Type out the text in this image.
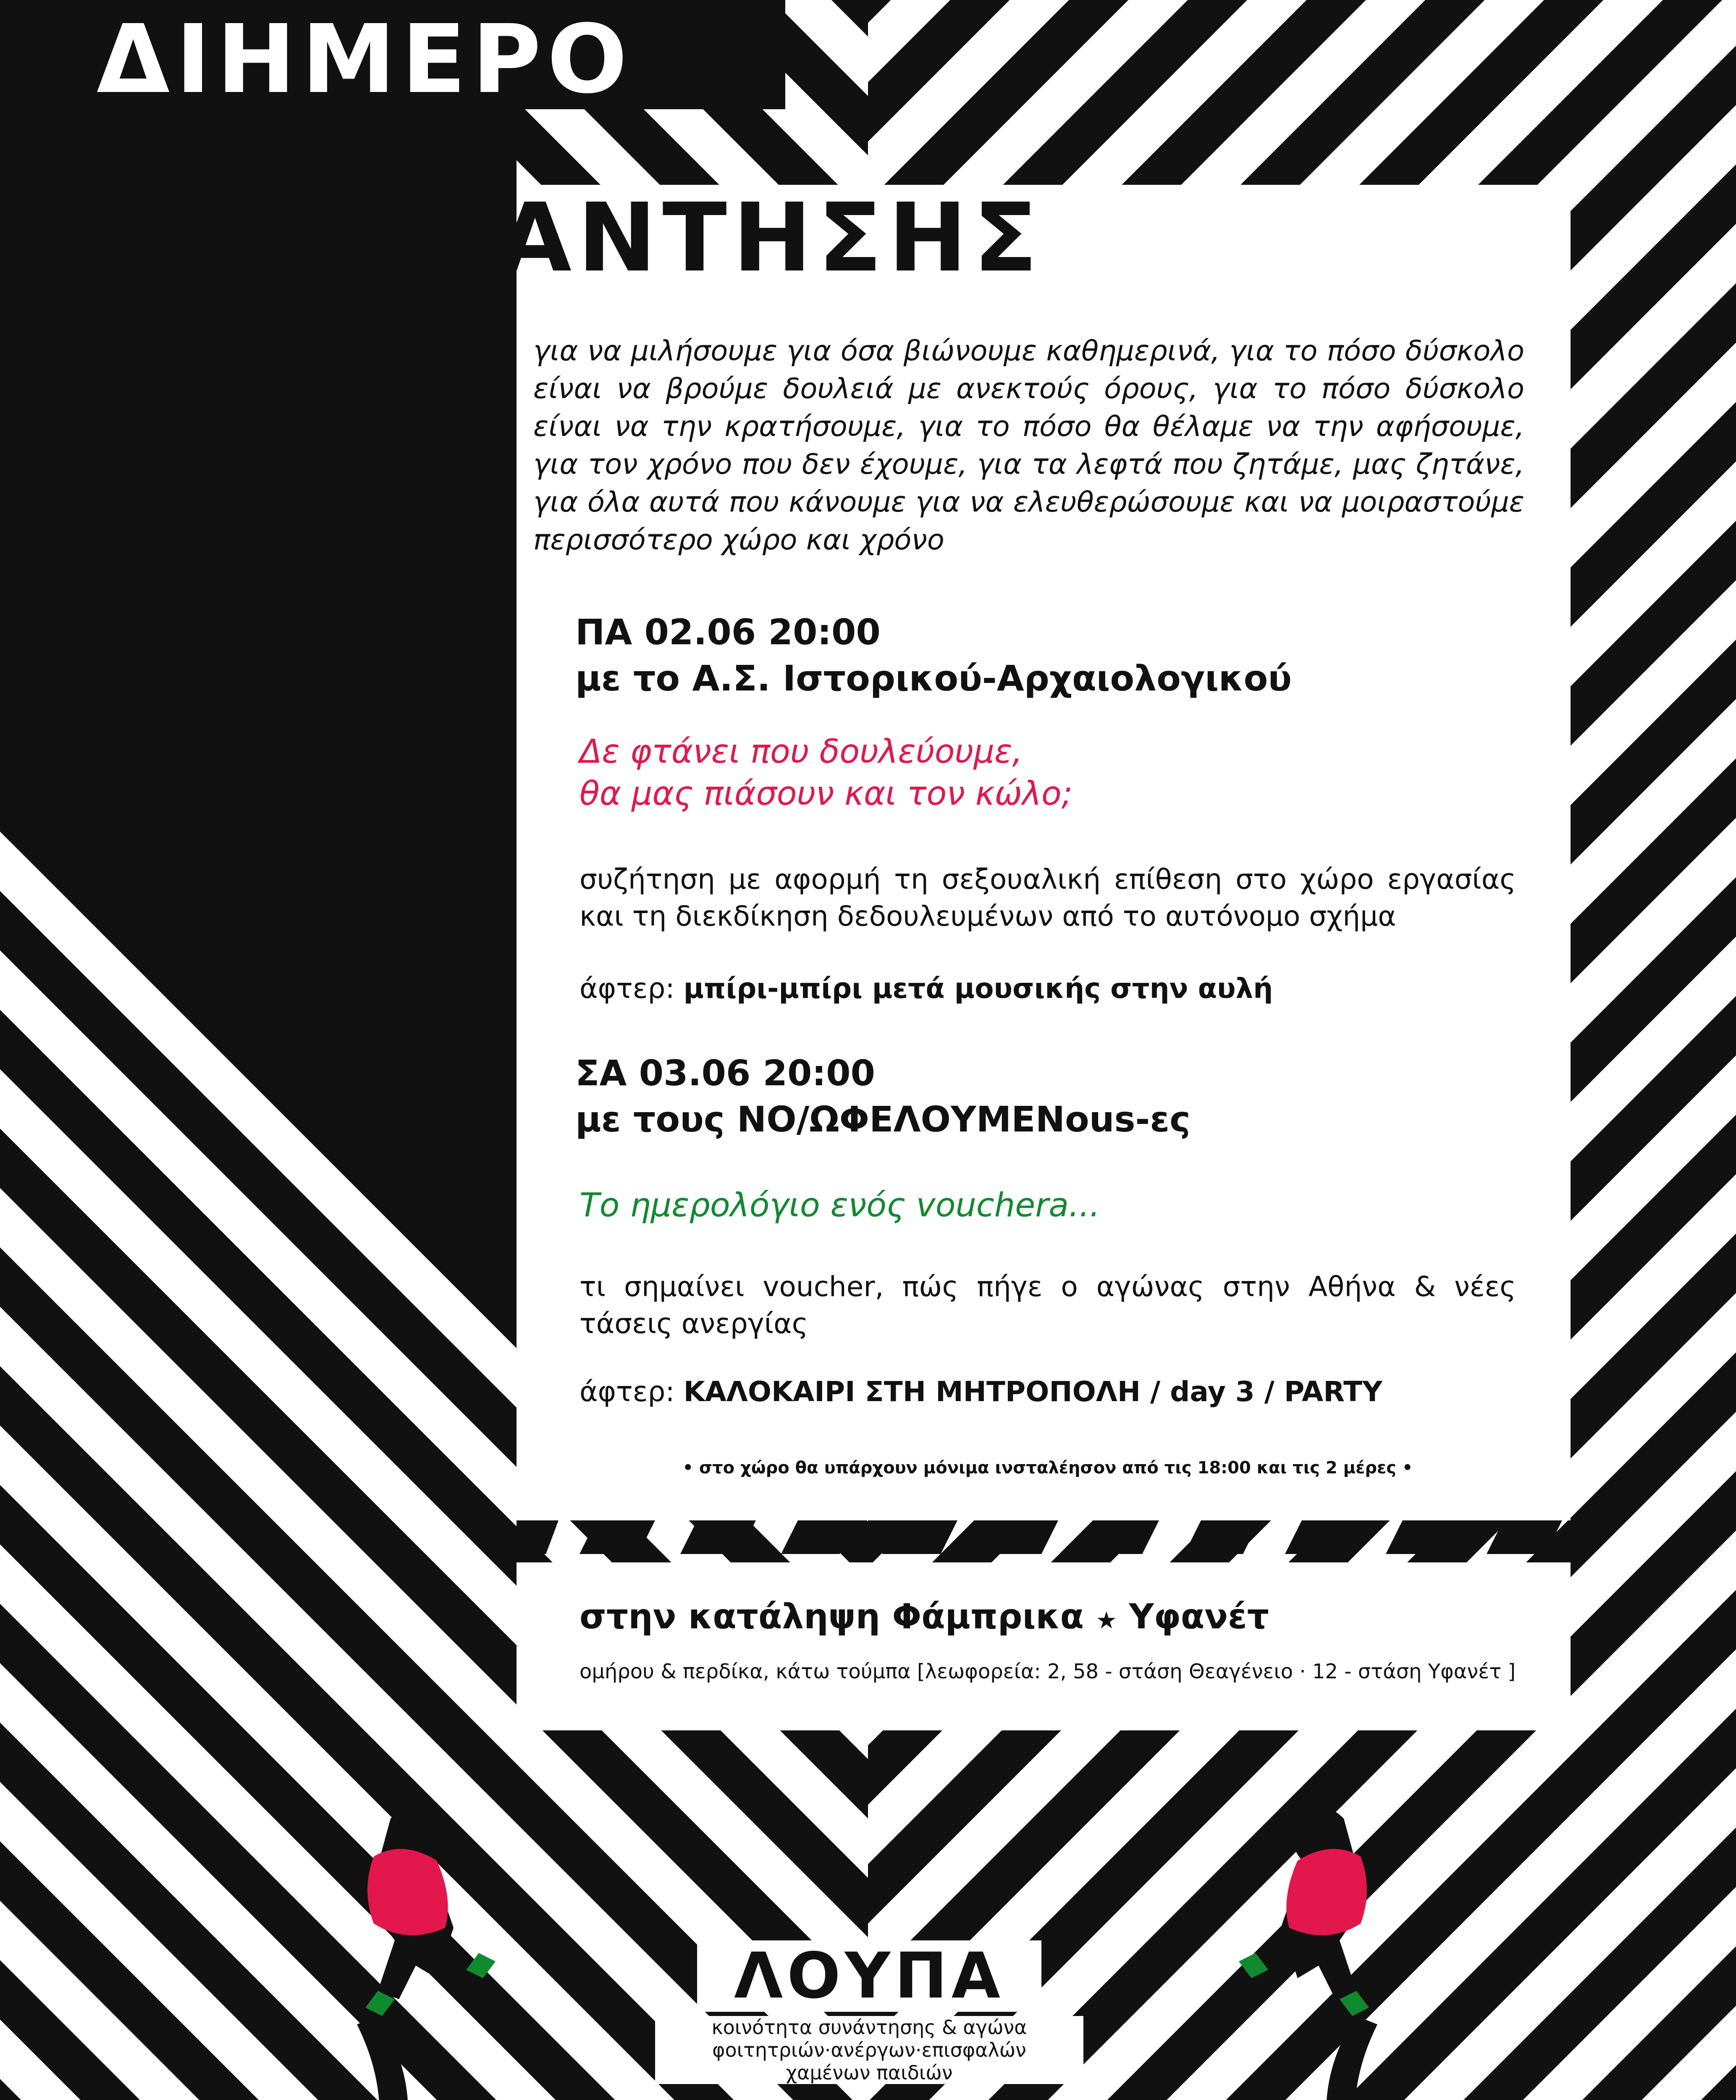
ΔΙΗΜΕΡΟ
ΣΥΝΑΝΤΗΣΗΣ
για να μιλήσουμε για όσα βιώνουμε καθημερινά, για το πόσο δύσκολο είναι να βρούμε δουλειά με ανεκτούς όρους, για το πόσο δύσκολο είναι να την κρατήσουμε, για το πόσο θα θέλαμε να την αφήσουμε, για τον χρόνο που δεν έχουμε, για τα λεφτά που ζητάμε, μας ζητάνε, για όλα αυτά που κάνουμε για να ελευθερώσουμε και να μοιραστούμε περισσότερο χώρο και χρόνο
ΠΑ 02.06 20:00
με το Α.Σ. Ιστορικού-Αρχαιολογικού
Δε φτάνει που δουλεύουμε,
θα μας πιάσουν και τον κώλο;
συζήτηση με αφορμή τη σεξουαλική επίθεση στο χώρο εργασίας και τη διεκδίκηση δεδουλευμένων από το αυτόνομο σχήμα
άφτερ: μπίρι-μπίρι μετά μουσικής στην αυλή
ΣΑ 03.06 20:00
με τους ΝΟ/ΩΦΕΛΟΥΜΕΝous-ες
Το ημερολόγιο ενός vouchera...
τι σημαίνει voucher, πώς πήγε ο αγώνας στην Αθήνα & νέες τάσεις ανεργίας
άφτερ: ΚΑΛΟΚΑΙΡΙ ΣΤΗ ΜΗΤΡΟΠΟΛΗ / day 3 / PARTY
• στο χώρο θα υπάρχουν μόνιμα ινσταλέησον από τις 18:00 και τις 2 μέρες •
στην κατάληψη Φάμπρικα ★ Υφανέτ
ομήρου & περδίκα, κάτω τούμπα [λεωφορεία: 2, 58 - στάση Θεαγένειο · 12 - στάση Υφανέτ ]
ΛΟΥΠΑ
κοινότητα συνάντησης & αγώνα
φοιτητριών·ανέργων·επισφαλών
χαμένων παιδιών
